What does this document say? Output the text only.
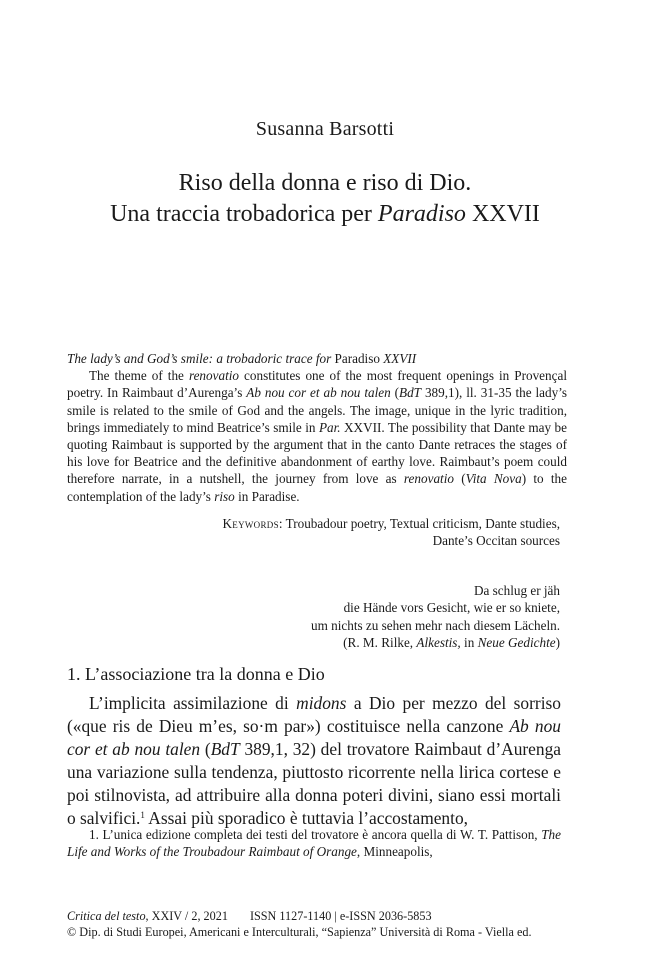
Susanna Barsotti
Riso della donna e riso di Dio.
Una traccia trobadorica per Paradiso XXVII
The lady’s and God’s smile: a trobadoric trace for Paradiso XXVII

The theme of the renovatio constitutes one of the most frequent openings in Provençal poetry. In Raimbaut d’Aurenga’s Ab nou cor et ab nou talen (BdT 389,1), ll. 31-35 the lady’s smile is related to the smile of God and the angels. The image, unique in the lyric tradition, brings immediately to mind Beatrice’s smile in Par. XXVII. The possibility that Dante may be quoting Raimbaut is supported by the argument that in the canto Dante retraces the stages of his love for Beatrice and the definitive abandonment of earthy love. Raimbaut’s poem could therefore narrate, in a nutshell, the journey from love as renovatio (Vita Nova) to the contemplation of the lady’s riso in Paradise.

Keywords: Troubadour poetry, Textual criticism, Dante studies,
Dante’s Occitan sources
Da schlug er jäh
die Hände vors Gesicht, wie er so kniete,
um nichts zu sehen mehr nach diesem Lächeln.
(R. M. Rilke, Alkestis, in Neue Gedichte)
1. L’associazione tra la donna e Dio

L’implicita assimilazione di midons a Dio per mezzo del sorriso («que ris de Dieu m’es, so·m par») costituisce nella canzone Ab nou cor et ab nou talen (BdT 389,1, 32) del trovatore Raimbaut d’Aurenga una variazione sulla tendenza, piuttosto ricorrente nella lirica cortese e poi stilnovista, ad attribuire alla donna poteri divini, siano essi mortali o salvifici.$^1$ Assai più sporadico è tuttavia l’accostamento,

1. L’unica edizione completa dei testi del trovatore è ancora quella di W. T. Pattison, The Life and Works of the Troubadour Raimbaut of Orange, Minneapolis,

Critica del testo, XXIV / 2, 2021 ISSN 1127-1140 | e-ISSN 2036-5853
© Dip. di Studi Europei, Americani e Interculturali, “Sapienza” Università di Roma - Viella ed.
